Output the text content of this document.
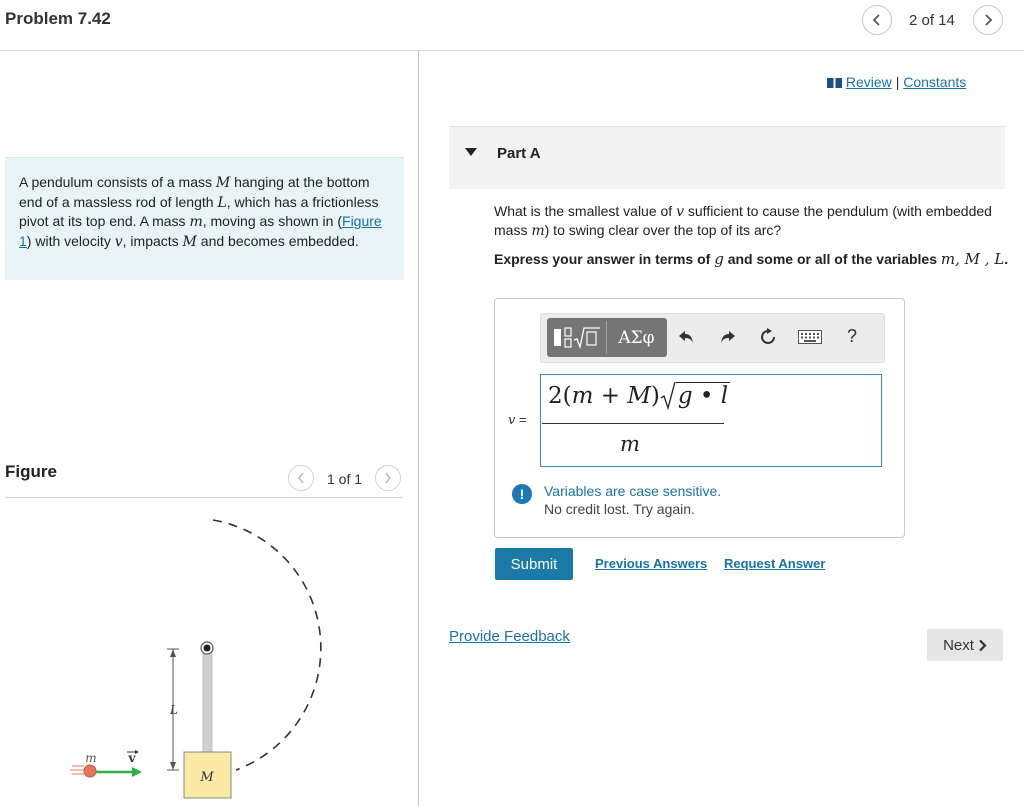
Problem 7.42	2 of 14
A pendulum consists of a mass M hanging at the bottom end of a massless rod of length L, which has a frictionless pivot at its top end. A mass m, moving as shown in (Figure 1) with velocity v, impacts M and becomes embedded.
Figure	1 of 1
M
L
m	v
Review | Constants
Part A
What is the smallest value of v sufficient to cause the pendulum (with embedded mass m) to swing clear over the top of its arc?
Express your answer in terms of g and some or all of the variables m, M , L.
ΑΣφ	?
v =
2(m + M) g • l
m
!	Variables are case sensitive.
No credit lost. Try again.
Submit	Previous Answers Request Answer
Provide Feedback	Next
